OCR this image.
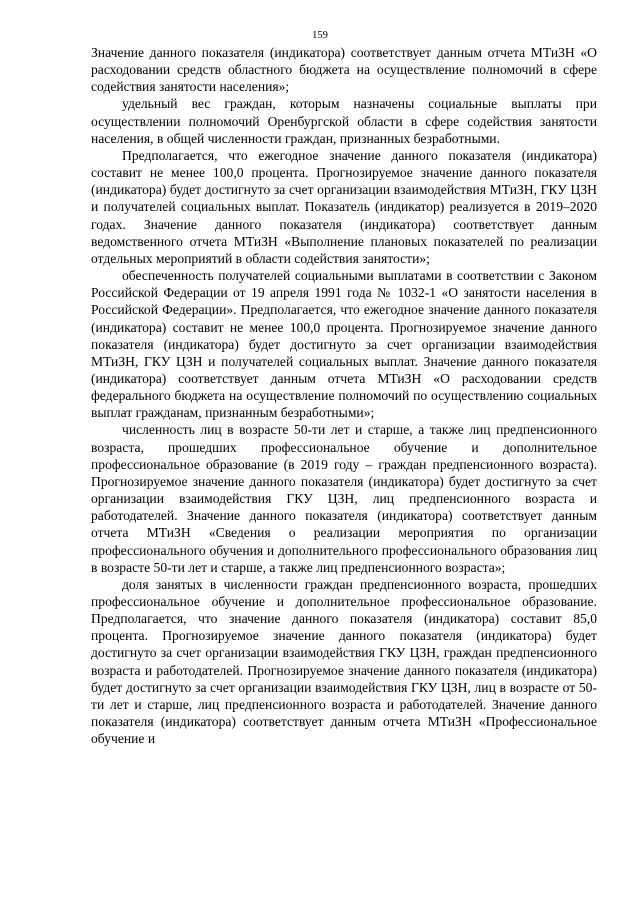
159

Значение данного показателя (индикатора) соответствует данным отчета МТиЗН «О расходовании средств областного бюджета на осуществление полномочий в сфере содействия занятости населения»;

удельный вес граждан, которым назначены социальные выплаты при осуществлении полномочий Оренбургской области в сфере содействия занятости населения, в общей численности граждан, признанных безработными.

Предполагается, что ежегодное значение данного показателя (индикатора) составит не менее 100,0 процента. Прогнозируемое значение данного показателя (индикатора) будет достигнуто за счет организации взаимодействия МТиЗН, ГКУ ЦЗН и получателей социальных выплат. Показатель (индикатор) реализуется в 2019–2020 годах. Значение данного показателя (индикатора) соответствует данным ведомственного отчета МТиЗН «Выполнение плановых показателей по реализации отдельных мероприятий в области содействия занятости»;

обеспеченность получателей социальными выплатами в соответствии с Законом Российской Федерации от 19 апреля 1991 года № 1032-1 «О занятости населения в Российской Федерации». Предполагается, что ежегодное значение данного показателя (индикатора) составит не менее 100,0 процента. Прогнозируемое значение данного показателя (индикатора) будет достигнуто за счет организации взаимодействия МТиЗН, ГКУ ЦЗН и получателей социальных выплат. Значение данного показателя (индикатора) соответствует данным отчета МТиЗН «О расходовании средств федерального бюджета на осуществление полномочий по осуществлению социальных выплат гражданам, признанным безработными»;

численность лиц в возрасте 50-ти лет и старше, а также лиц предпенсионного возраста, прошедших профессиональное обучение и дополнительное профессиональное образование (в 2019 году – граждан предпенсионного возраста). Прогнозируемое значение данного показателя (индикатора) будет достигнуто за счет организации взаимодействия ГКУ ЦЗН, лиц предпенсионного возраста и работодателей. Значение данного показателя (индикатора) соответствует данным отчета МТиЗН «Сведения о реализации мероприятия по организации профессионального обучения и дополнительного профессионального образования лиц в возрасте 50-ти лет и старше, а также лиц предпенсионного возраста»;

доля занятых в численности граждан предпенсионного возраста, прошедших профессиональное обучение и дополнительное профессиональное образование. Предполагается, что значение данного показателя (индикатора) составит 85,0 процента. Прогнозируемое значение данного показателя (индикатора) будет достигнуто за счет организации взаимодействия ГКУ ЦЗН, граждан предпенсионного возраста и работодателей. Прогнозируемое значение данного показателя (индикатора) будет достигнуто за счет организации взаимодействия ГКУ ЦЗН, лиц в возрасте от 50-ти лет и старше, лиц предпенсионного возраста и работодателей. Значение данного показателя (индикатора) соответствует данным отчета МТиЗН «Профессиональное обучение и
